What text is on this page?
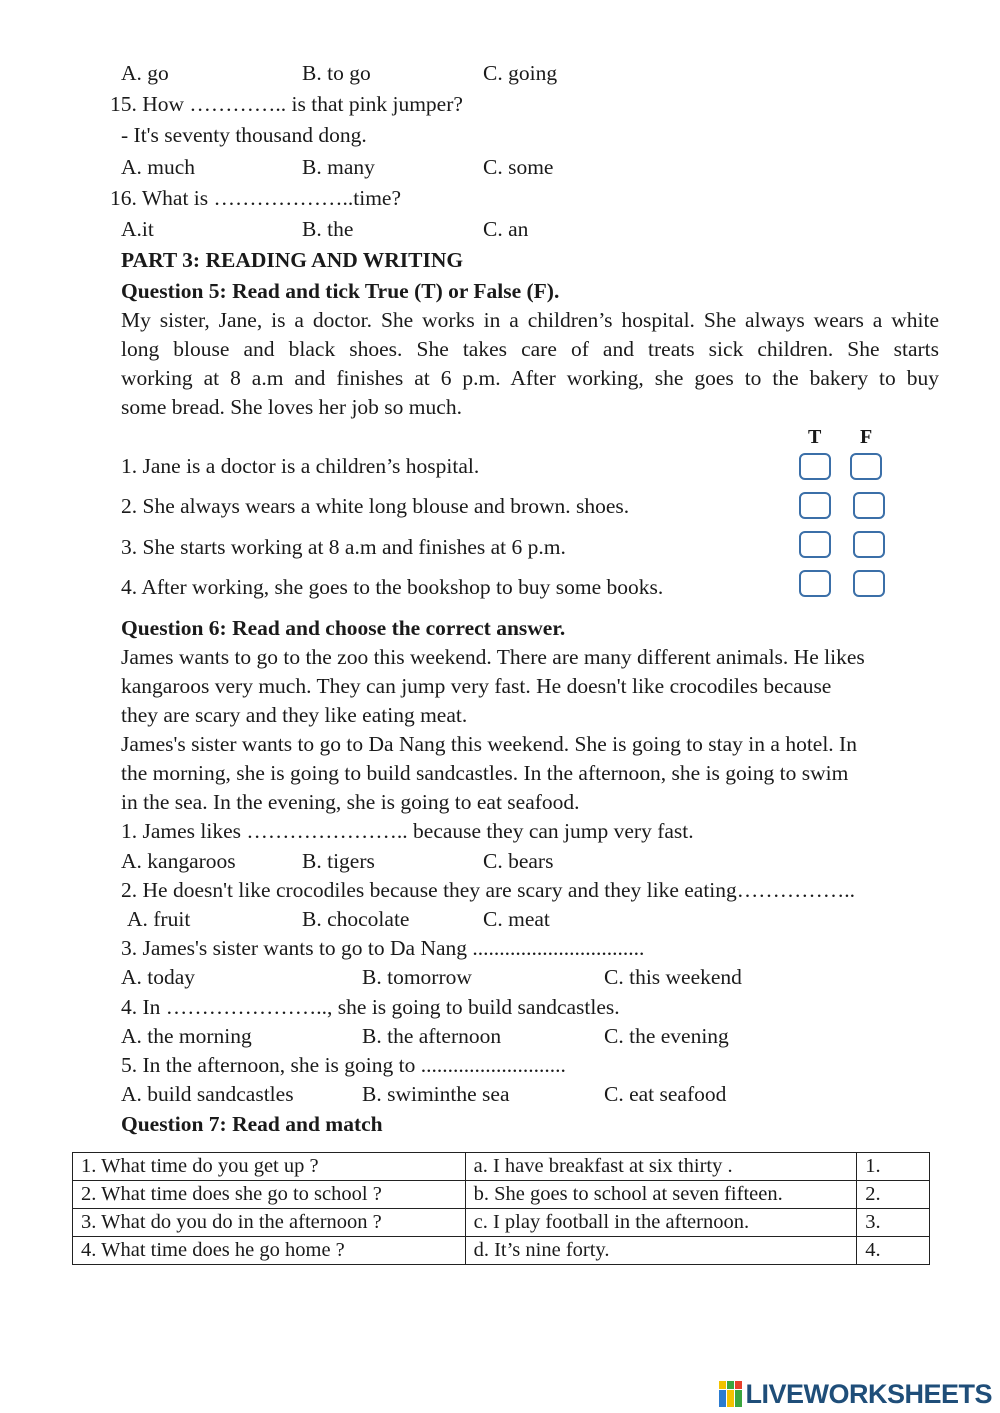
A. go	B. to go	C. going
15. How ………….. is that pink jumper?
- It's seventy thousand dong.
A. much	B. many	C. some
16. What is ………………..time?
A.it	B. the	C. an
PART 3: READING AND WRITING
Question 5: Read and tick True (T) or False (F).
My sister, Jane, is a doctor. She works in a children’s hospital. She always wears a white
long blouse and black shoes. She takes care of and treats sick children. She starts
working at 8 a.m and finishes at 6 p.m. After working, she goes to the bakery to buy
some bread. She loves her job so much.
T F
1. Jane is a doctor is a children’s hospital.
2. She always wears a white long blouse and brown. shoes.
3. She starts working at 8 a.m and finishes at 6 p.m.
4. After working, she goes to the bookshop to buy some books.
Question 6: Read and choose the correct answer.
James wants to go to the zoo this weekend. There are many different animals. He likes
kangaroos very much. They can jump very fast. He doesn't like crocodiles because
they are scary and they like eating meat.
James's sister wants to go to Da Nang this weekend. She is going to stay in a hotel. In
the morning, she is going to build sandcastles. In the afternoon, she is going to swim
in the sea. In the evening, she is going to eat seafood.
1. James likes ………………….. because they can jump very fast.
A. kangaroos	B. tigers	C. bears
2. He doesn't like crocodiles because they are scary and they like eating……………..
A. fruit	B. chocolate	C. meat
3. James's sister wants to go to Da Nang ................................
A. today	B. tomorrow	C. this weekend
4. In ………………….., she is going to build sandcastles.
A. the morning	B. the afternoon	C. the evening
5. In the afternoon, she is going to ...........................
A. build sandcastles	B. swiminthe sea	C. eat seafood
Question 7: Read and match
1. What time do you get up ?	a. I have breakfast at six thirty .	1.
2. What time does she go to school ?	b. She goes to school at seven fifteen.	2.
3. What do you do in the afternoon ?	c. I play football in the afternoon.	3.
4. What time does he go home ?	d. It’s nine forty.	4.
LIVEWORKSHEETS
